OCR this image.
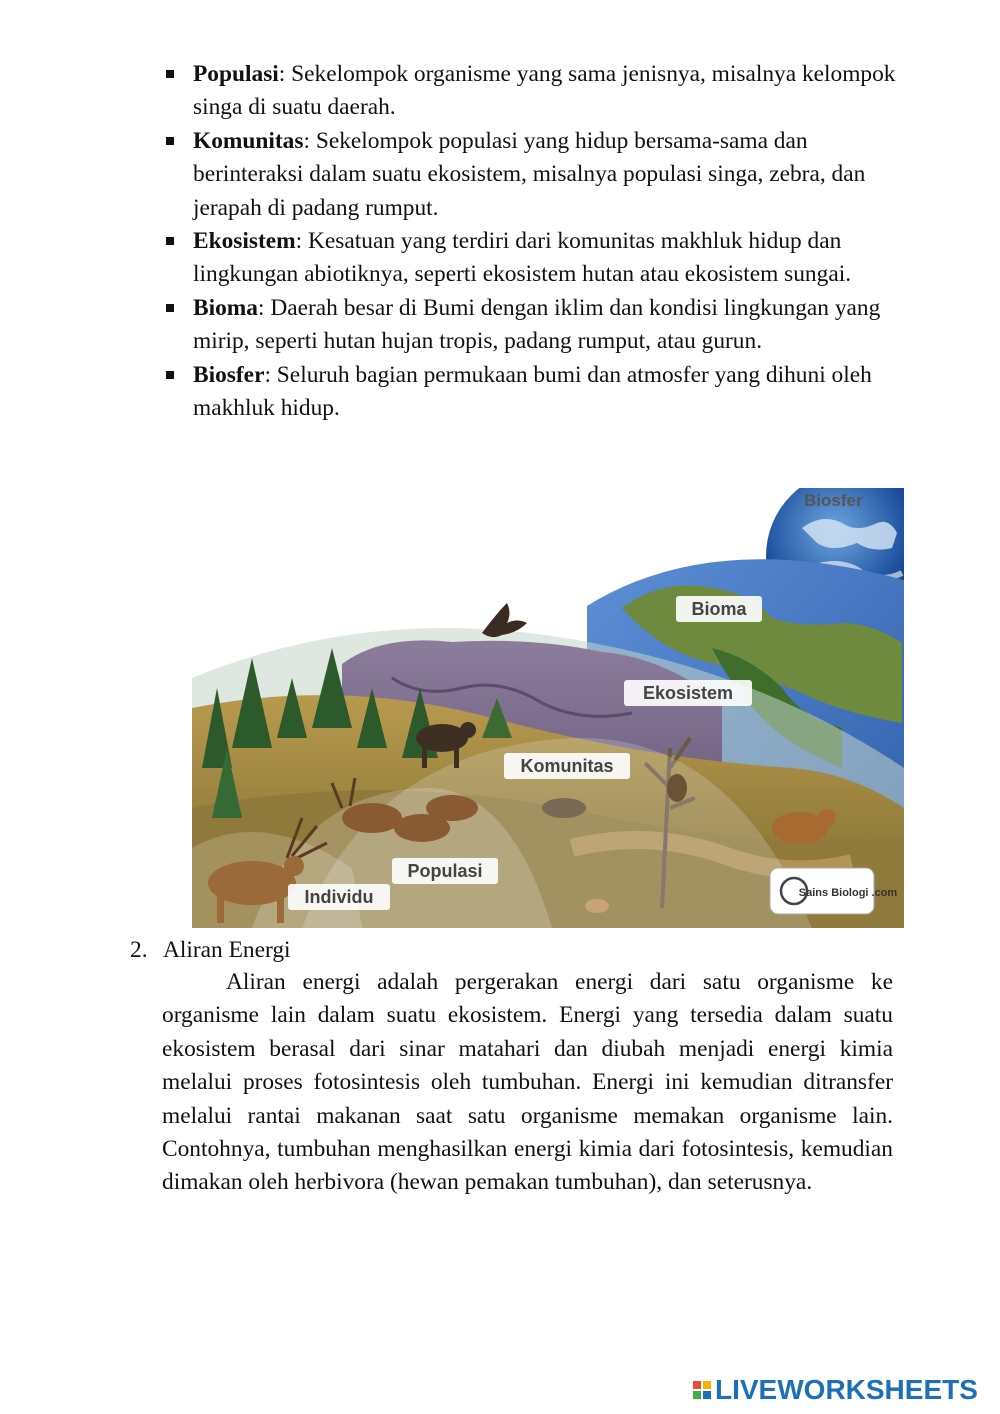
Populasi: Sekelompok organisme yang sama jenisnya, misalnya kelompok singa di suatu daerah.
Komunitas: Sekelompok populasi yang hidup bersama-sama dan berinteraksi dalam suatu ekosistem, misalnya populasi singa, zebra, dan jerapah di padang rumput.
Ekosistem: Kesatuan yang terdiri dari komunitas makhluk hidup dan lingkungan abiotiknya, seperti ekosistem hutan atau ekosistem sungai.
Bioma: Daerah besar di Bumi dengan iklim dan kondisi lingkungan yang mirip, seperti hutan hujan tropis, padang rumput, atau gurun.
Biosfer: Seluruh bagian permukaan bumi dan atmosfer yang dihuni oleh makhluk hidup.
Biosfer
Bioma
Ekosistem
Komunitas
Populasi
Individu	Sains Biologi .com
2. Aliran Energi

Aliran energi adalah pergerakan energi dari satu organisme ke organisme lain dalam suatu ekosistem. Energi yang tersedia dalam suatu ekosistem berasal dari sinar matahari dan diubah menjadi energi kimia melalui proses fotosintesis oleh tumbuhan. Energi ini kemudian ditransfer melalui rantai makanan saat satu organisme memakan organisme lain. Contohnya, tumbuhan menghasilkan energi kimia dari fotosintesis, kemudian dimakan oleh herbivora (hewan pemakan tumbuhan), dan seterusnya.

LIVEWORKSHEETS
